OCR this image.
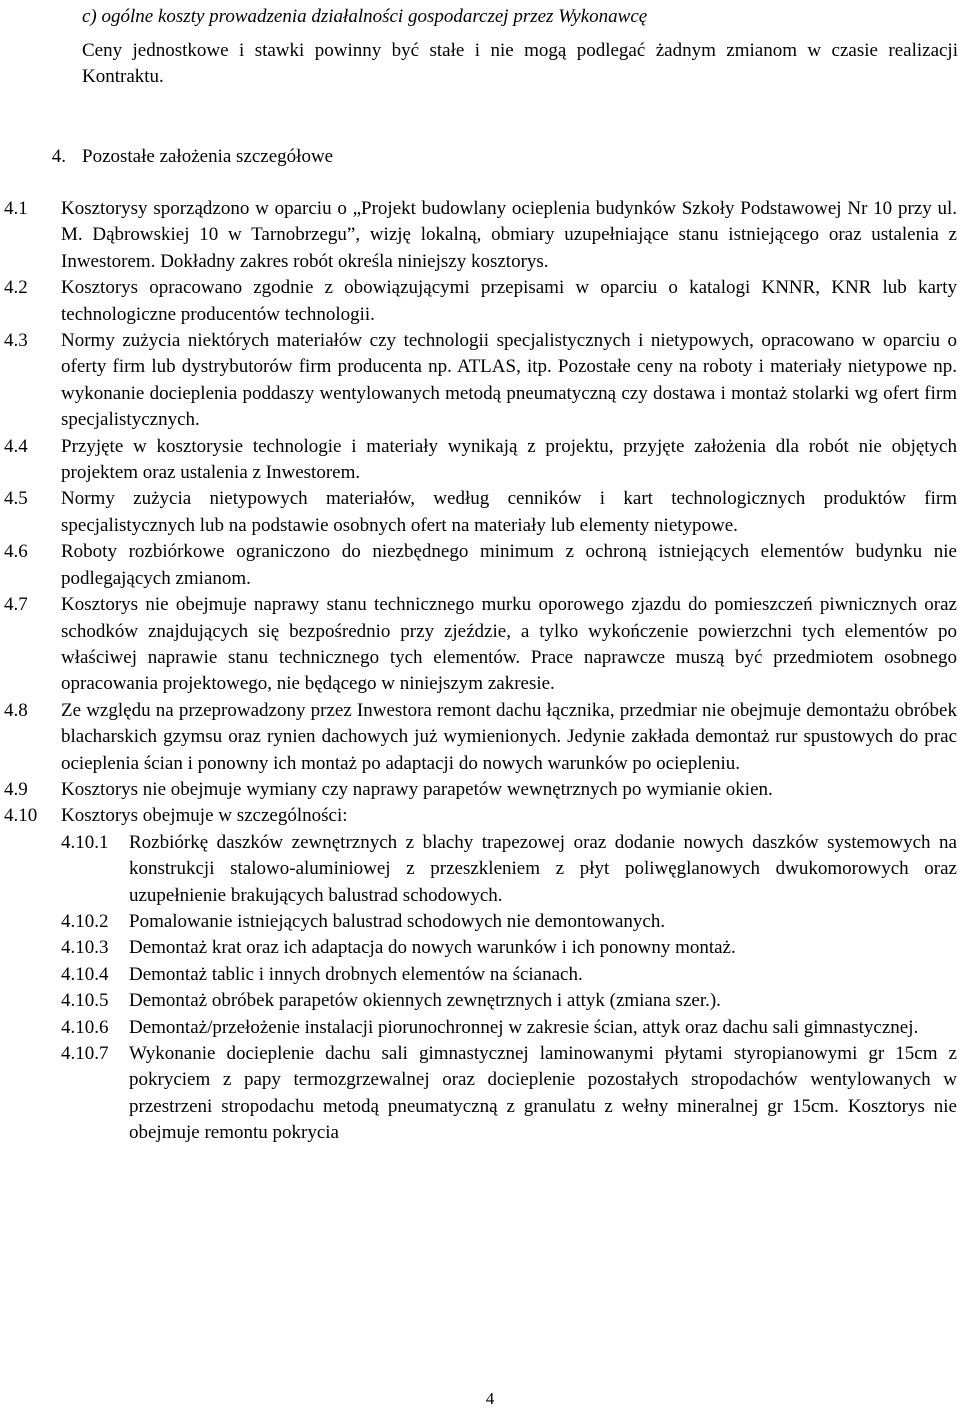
c) ogólne koszty prowadzenia działalności gospodarczej przez Wykonawcę
Ceny jednostkowe i stawki powinny być stałe i nie mogą podlegać żadnym zmianom w czasie realizacji Kontraktu.
4. Pozostałe założenia szczegółowe
4.1 Kosztorysy sporządzono w oparciu o „Projekt budowlany ocieplenia budynków Szkoły Podstawowej Nr 10 przy ul. M. Dąbrowskiej 10 w Tarnobrzegu”, wizję lokalną, obmiary uzupełniające stanu istniejącego oraz ustalenia z Inwestorem. Dokładny zakres robót określa niniejszy kosztorys.
4.2 Kosztorys opracowano zgodnie z obowiązującymi przepisami w oparciu o katalogi KNNR, KNR lub karty technologiczne producentów technologii.
4.3 Normy zużycia niektórych materiałów czy technologii specjalistycznych i nietypowych, opracowano w oparciu o oferty firm lub dystrybutorów firm producenta np. ATLAS, itp. Pozostałe ceny na roboty i materiały nietypowe np. wykonanie docieplenia poddaszy wentylowanych metodą pneumatyczną czy dostawa i montaż stolarki wg ofert firm specjalistycznych.
4.4 Przyjęte w kosztorysie technologie i materiały wynikają z projektu, przyjęte założenia dla robót nie objętych projektem oraz ustalenia z Inwestorem.
4.5 Normy zużycia nietypowych materiałów, według cenników i kart technologicznych produktów firm specjalistycznych lub na podstawie osobnych ofert na materiały lub elementy nietypowe.
4.6 Roboty rozbiórkowe ograniczono do niezbędnego minimum z ochroną istniejących elementów budynku nie podlegających zmianom.
4.7 Kosztorys nie obejmuje naprawy stanu technicznego murku oporowego zjazdu do pomieszczeń piwnicznych oraz schodków znajdujących się bezpośrednio przy zjeździe, a tylko wykończenie powierzchni tych elementów po właściwej naprawie stanu technicznego tych elementów. Prace naprawcze muszą być przedmiotem osobnego opracowania projektowego, nie będącego w niniejszym zakresie.
4.8 Ze względu na przeprowadzony przez Inwestora remont dachu łącznika, przedmiar nie obejmuje demontażu obróbek blacharskich gzymsu oraz rynien dachowych już wymienionych. Jedynie zakłada demontaż rur spustowych do prac ocieplenia ścian i ponowny ich montaż po adaptacji do nowych warunków po ociepleniu.
4.9 Kosztorys nie obejmuje wymiany czy naprawy parapetów wewnętrznych po wymianie okien.
4.10 Kosztorys obejmuje w szczególności:
4.10.1 Rozbiórkę daszków zewnętrznych z blachy trapezowej oraz dodanie nowych daszków systemowych na konstrukcji stalowo-aluminiowej z przeszkleniem z płyt poliwęglanowych dwukomorowych oraz uzupełnienie brakujących balustrad schodowych.
4.10.2 Pomalowanie istniejących balustrad schodowych nie demontowanych.
4.10.3 Demontaż krat oraz ich adaptacja do nowych warunków i ich ponowny montaż.
4.10.4 Demontaż tablic i innych drobnych elementów na ścianach.
4.10.5 Demontaż obróbek parapetów okiennych zewnętrznych i attyk (zmiana szer.).
4.10.6 Demontaż/przełożenie instalacji piorunochronnej w zakresie ścian, attyk oraz dachu sali gimnastycznej.
4.10.7 Wykonanie docieplenie dachu sali gimnastycznej laminowanymi płytami styropianowymi gr 15cm z pokryciem z papy termozgrzewalnej oraz docieplenie pozostałych stropodachów wentylowanych w przestrzeni stropodachu metodą pneumatyczną z granulatu z wełny mineralnej gr 15cm. Kosztorys nie obejmuje remontu pokrycia
4
